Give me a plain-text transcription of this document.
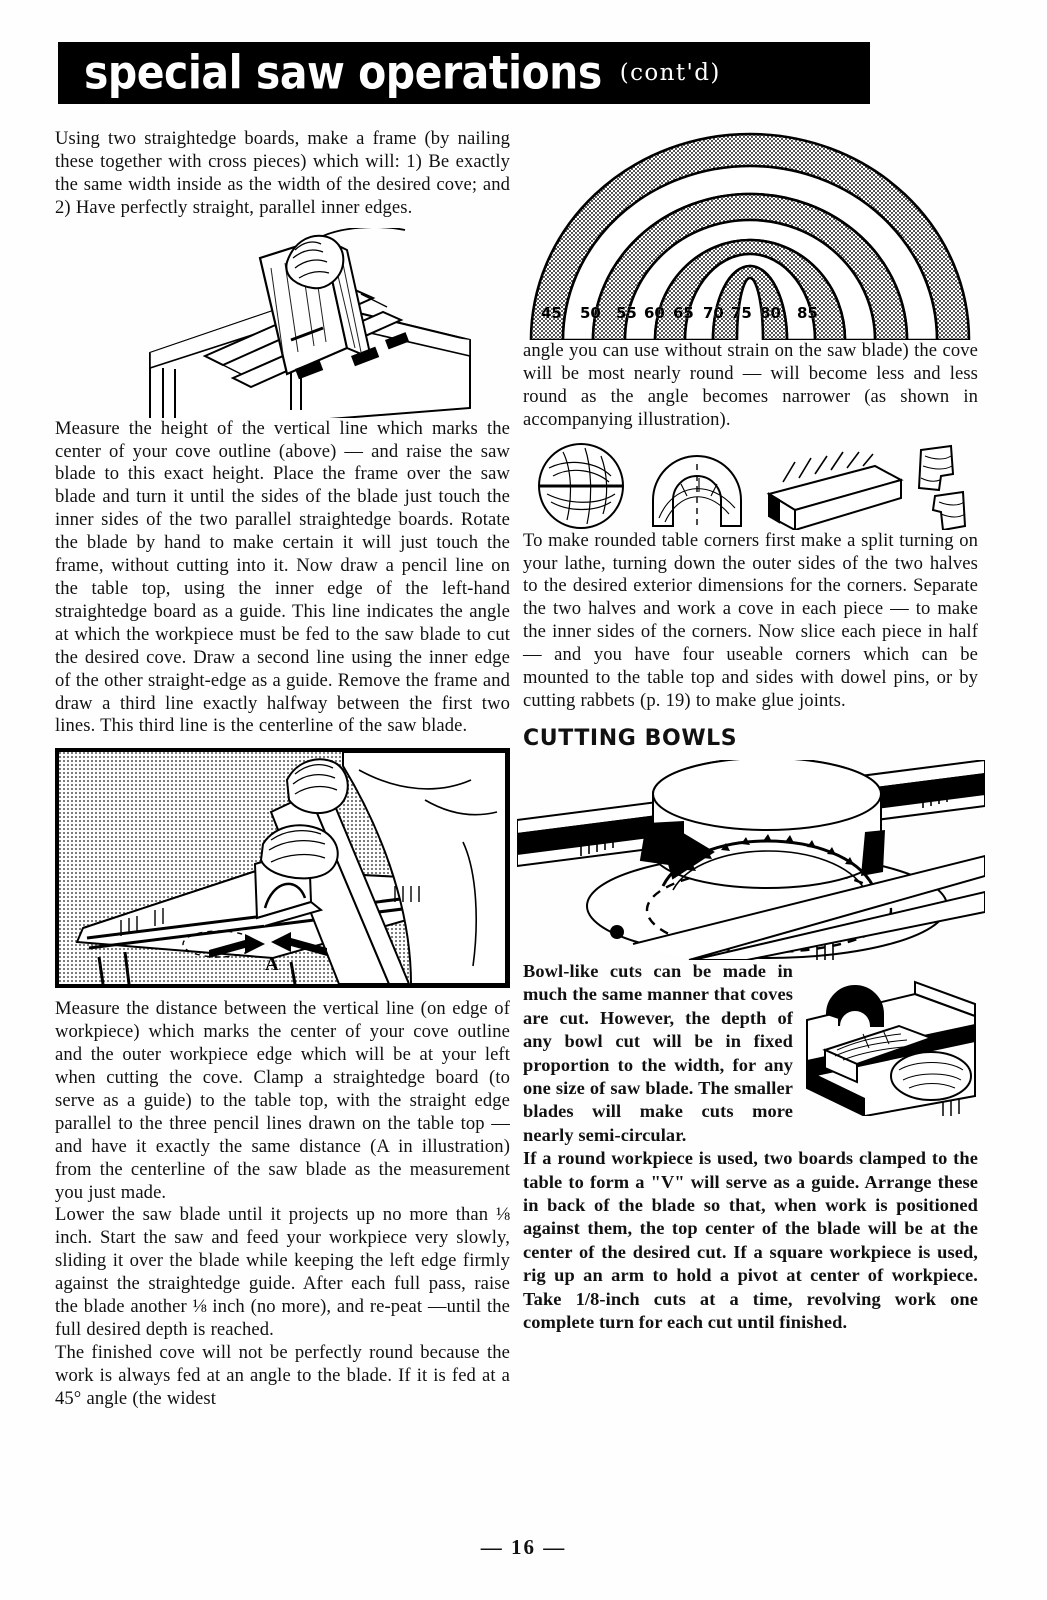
special saw operations (cont'd)

Using two straightedge boards, make a frame (by nailing these together with cross pieces) which will: 1) Be exactly the same width inside as the width of the desired cove; and 2) Have perfectly straight, parallel inner edges.

Measure the height of the vertical line which marks the center of your cove outline (above) — and raise the saw blade to this exact height. Place the frame over the saw blade and turn it until the sides of the blade just touch the inner sides of the two parallel straightedge boards. Rotate the blade by hand to make certain it will just touch the frame, without cutting into it. Now draw a pencil line on the table top, using the inner edge of the left-hand straightedge board as a guide. This line indicates the angle at which the workpiece must be fed to the saw blade to cut the desired cove. Draw a second line using the inner edge of the other straight-edge as a guide. Remove the frame and draw a third line exactly halfway between the first two lines. This third line is the centerline of the saw blade.

A

Measure the distance between the vertical line (on edge of workpiece) which marks the center of your cove outline and the outer workpiece edge which will be at your left when cutting the cove. Clamp a straightedge board (to serve as a guide) to the table top, with the straight edge parallel to the three pencil lines drawn on the table top — and have it exactly the same distance (A in illustration) from the centerline of the saw blade as the measurement you just made.

Lower the saw blade until it projects up no more than ⅛ inch. Start the saw and feed your workpiece very slowly, sliding it over the blade while keeping the left edge firmly against the straightedge guide. After each full pass, raise the blade another ⅛ inch (no more), and re-peat —until the full desired depth is reached.

The finished cove will not be perfectly round because the work is always fed at an angle to the blade. If it is fed at a 45° angle (the widest

45 50 55 60 65 70 75 80 85

angle you can use without strain on the saw blade) the cove will be most nearly round — will become less and less round as the angle becomes narrower (as shown in accompanying illustration).

To make rounded table corners first make a split turning on your lathe, turning down the outer sides of the two halves to the desired exterior dimensions for the corners. Separate the two halves and work a cove in each piece — to make the inner sides of the corners. Now slice each piece in half — and you have four useable corners which can be mounted to the table top and sides with dowel pins, or by cutting rabbets (p. 19) to make glue joints.

CUTTING BOWLS

Bowl-like cuts can be made in much the same manner that coves are cut. However, the depth of any bowl cut will be in fixed proportion to the width, for any one size of saw blade. The smaller blades will make cuts more nearly semi-circular.

If a round workpiece is used, two boards clamped to the table to form a "V" will serve as a guide. Arrange these in back of the blade so that, when work is positioned against them, the top center of the blade will be at the center of the desired cut. If a square workpiece is used, rig up an arm to hold a pivot at center of workpiece. Take 1/8-inch cuts at a time, revolving work one complete turn for each cut until finished.

— 16 —
